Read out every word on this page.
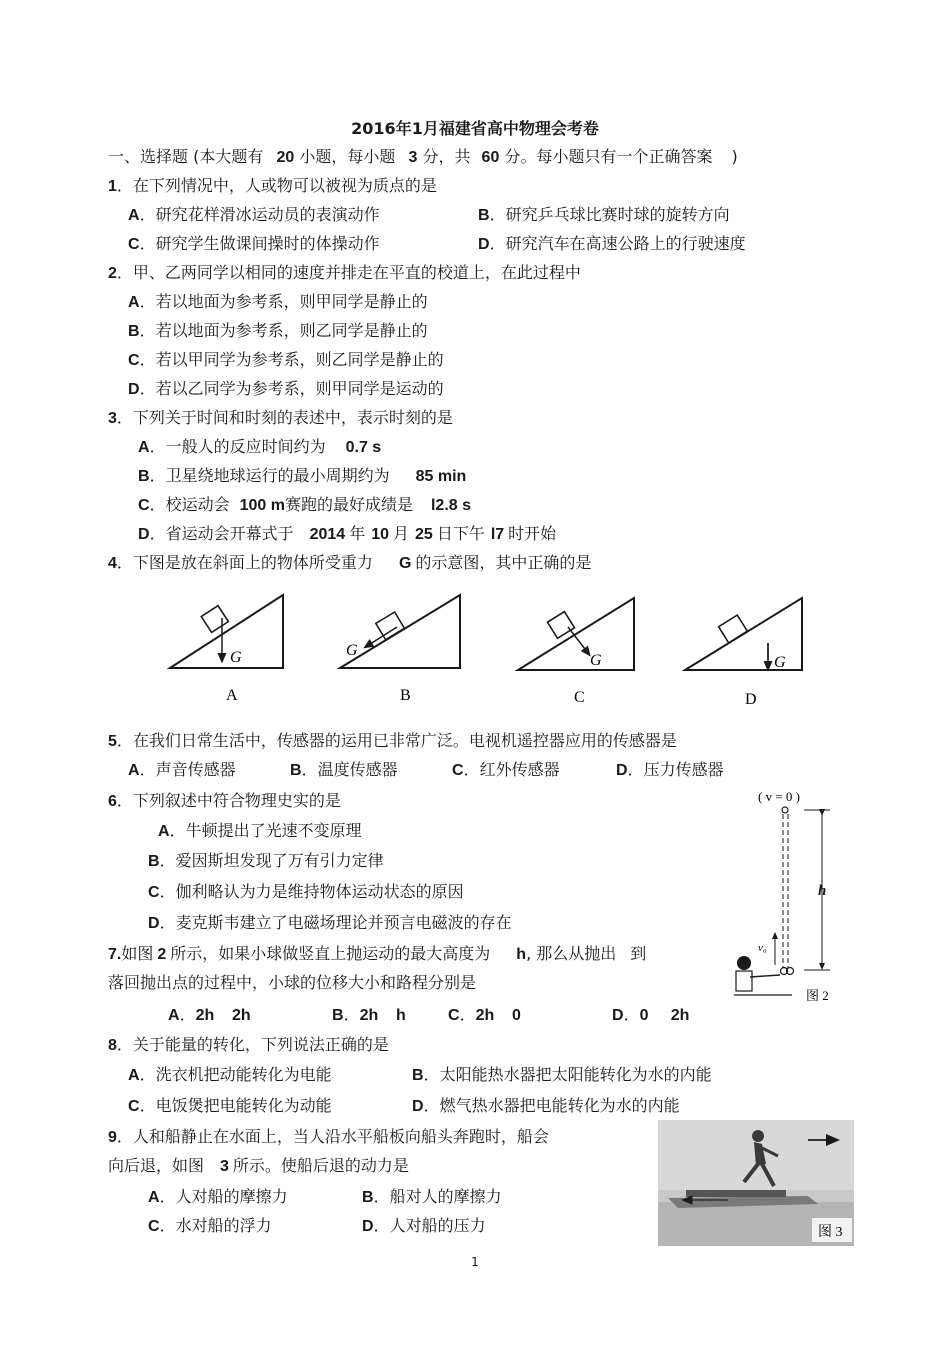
2016年1月福建省高中物理会考卷
一、选择题 (本大题有 20 小题，每小题 3 分，共 60 分。每小题只有一个正确答案 )
1．在下列情况中，人或物可以被视为质点的是
A．研究花样滑冰运动员的表演动作	B．研究乒乓球比赛时球的旋转方向
C．研究学生做课间操时的体操动作	D．研究汽车在高速公路上的行驶速度
2．甲、乙两同学以相同的速度并排走在平直的校道上，在此过程中
A．若以地面为参考系，则甲同学是静止的
B．若以地面为参考系，则乙同学是静止的
C．若以甲同学为参考系，则乙同学是静止的
D．若以乙同学为参考系，则甲同学是运动的
3．下列关于时间和时刻的表述中，表示时刻的是
A．一般人的反应时间约为 0.7 s
B．卫星绕地球运行的最小周期约为 85 min
C．校运动会 100 m赛跑的最好成绩是 l2.8 s
D．省运动会开幕式于 2014 年 10 月 25 日下午 l7 时开始
4．下图是放在斜面上的物体所受重力 G 的示意图，其中正确的是
G
A
G
B
G
C
G
D
5．在我们日常生活中，传感器的运用已非常广泛。电视机遥控器应用的传感器是
A．声音传感器	B．温度传感器	C．红外传感器	D．压力传感器
6．下列叙述中符合物理史实的是
A．牛顿提出了光速不变原理
B．爱因斯坦发现了万有引力定律
C．伽利略认为力是维持物体运动状态的原因
D．麦克斯韦建立了电磁场理论并预言电磁波的存在
( v = 0 )
h
v₀
图 2
7.如图 2 所示，如果小球做竖直上抛运动的最大高度为 h, 那么从抛出 到
落回抛出点的过程中，小球的位移大小和路程分别是
A．2h    2h	B．2h    h	C．2h    0	D．0     2h
8．关于能量的转化，下列说法正确的是
A．洗衣机把动能转化为电能	B．太阳能热水器把太阳能转化为水的内能
C．电饭煲把电能转化为动能	D．燃气热水器把电能转化为水的内能
9．人和船静止在水面上，当人沿水平船板向船头奔跑时，船会
向后退，如图 3 所示。使船后退的动力是
A．人对船的摩擦力	B．船对人的摩擦力
C．水对船的浮力	D．人对船的压力	图 3
1
